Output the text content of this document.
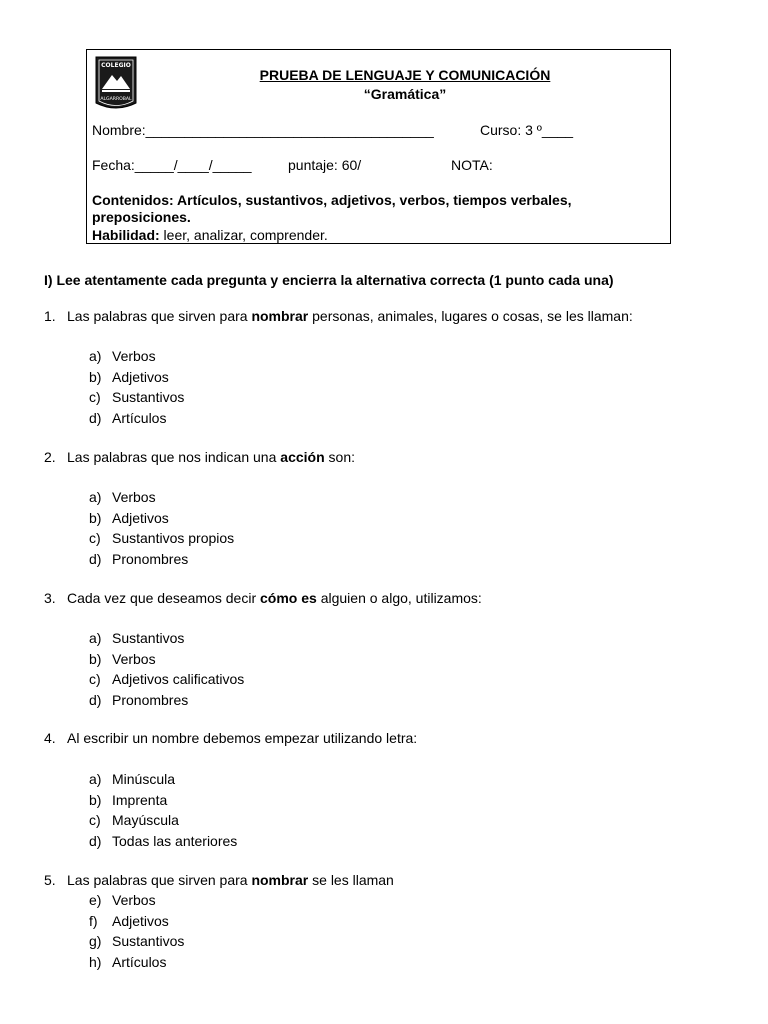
COLEGIO
ALGARROBAL
PRUEBA DE LENGUAJE Y COMUNICACIÓN
“Gramática”
Nombre:_____________________________________	Curso: 3 º____
Fecha:_____/____/_____	puntaje: 60/	NOTA:
Contenidos: Artículos, sustantivos, adjetivos, verbos, tiempos verbales, preposiciones.
Habilidad: leer, analizar, comprender.
I) Lee atentamente cada pregunta y encierra la alternativa correcta (1 punto cada una)
1. Las palabras que sirven para nombrar personas, animales, lugares o cosas, se les llaman:
a) Verbos
b) Adjetivos
c) Sustantivos
d) Artículos
2. Las palabras que nos indican una acción son:
a) Verbos
b) Adjetivos
c) Sustantivos propios
d) Pronombres
3. Cada vez que deseamos decir cómo es alguien o algo, utilizamos:
a) Sustantivos
b) Verbos
c) Adjetivos calificativos
d) Pronombres
4. Al escribir un nombre debemos empezar utilizando letra:
a) Minúscula
b) Imprenta
c) Mayúscula
d) Todas las anteriores
5. Las palabras que sirven para nombrar se les llaman
e) Verbos
f) Adjetivos
g) Sustantivos
h) Artículos
